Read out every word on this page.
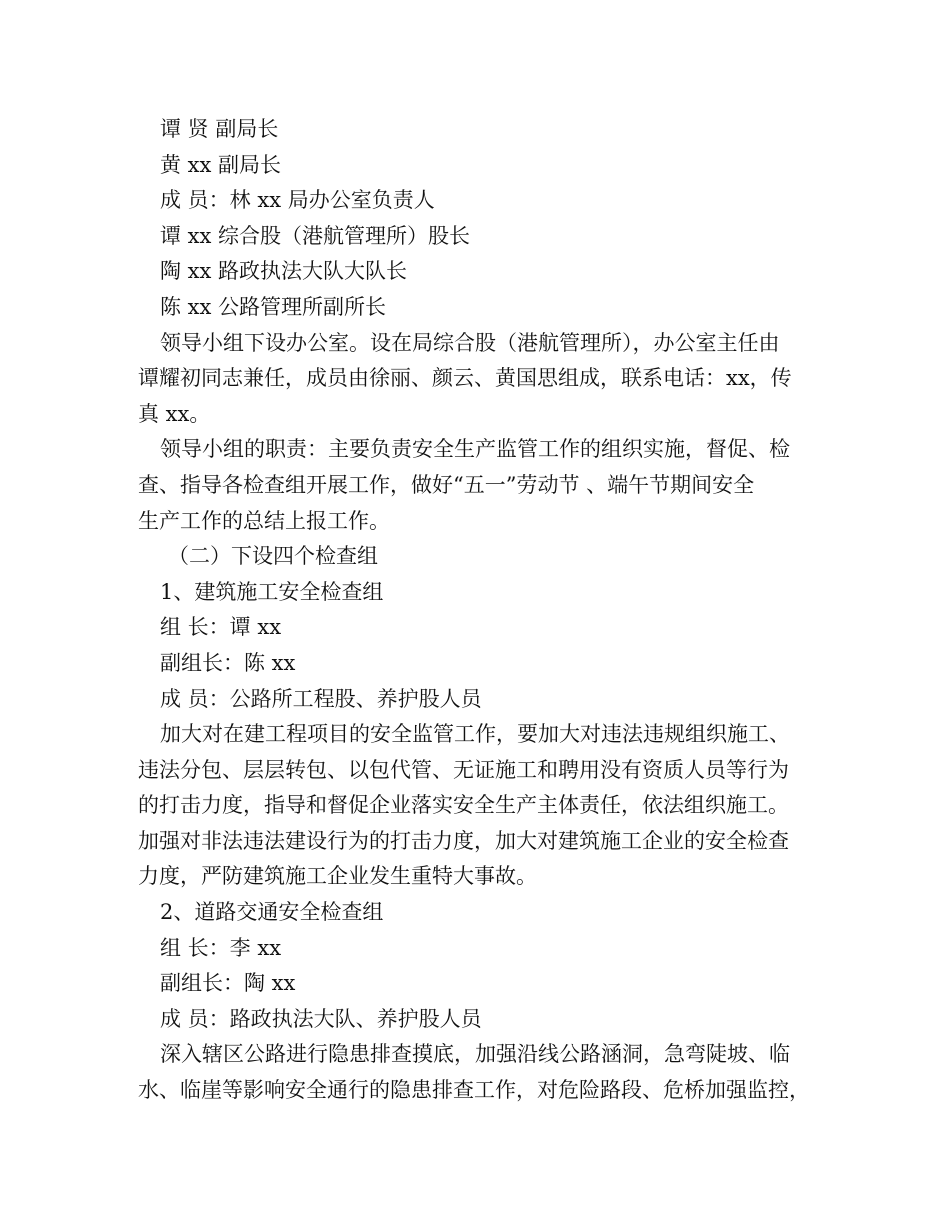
谭 贤 副局长
黄 xx 副局长
成 员：林 xx 局办公室负责人
谭 xx 综合股（港航管理所）股长
陶 xx 路政执法大队大队长
陈 xx 公路管理所副所长
领导小组下设办公室。设在局综合股（港航管理所），办公室主任由
谭耀初同志兼任，成员由徐丽、颜云、黄国思组成，联系电话：xx，传
真 xx。
领导小组的职责：主要负责安全生产监管工作的组织实施，督促、检
查、指导各检查组开展工作，做好“五一”劳动节 、端午节期间安全
生产工作的总结上报工作。
（二）下设四个检查组
1、建筑施工安全检查组
组 长：谭 xx
副组长：陈 xx
成 员：公路所工程股、养护股人员
加大对在建工程项目的安全监管工作，要加大对违法违规组织施工、
违法分包、层层转包、以包代管、无证施工和聘用没有资质人员等行为
的打击力度，指导和督促企业落实安全生产主体责任，依法组织施工。
加强对非法违法建设行为的打击力度，加大对建筑施工企业的安全检查
力度，严防建筑施工企业发生重特大事故。
2、道路交通安全检查组
组 长：李 xx
副组长：陶 xx
成 员：路政执法大队、养护股人员
深入辖区公路进行隐患排查摸底，加强沿线公路涵洞，急弯陡坡、临
水、临崖等影响安全通行的隐患排查工作，对危险路段、危桥加强监控，
